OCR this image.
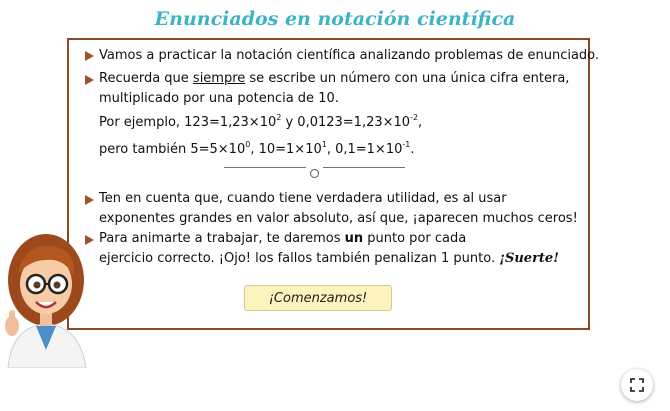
Enunciados en notación científica
Vamos a practicar la notación científica analizando problemas de enunciado.
Recuerda que siempre se escribe un número con una única cifra entera,
multiplicado por una potencia de 10.
Por ejemplo, $123=1,23\times 10^2$ y $0,0123=1,23\times 10^{-2}$,
pero también $5=5\times 10^0$, $10=1\times 10^1$, $0,1=1\times 10^{-1}$.
Ten en cuenta que, cuando tiene verdadera utilidad, es al usar
exponentes grandes en valor absoluto, así que, ¡aparecen muchos ceros!
Para animarte a trabajar, te daremos un punto por cada
ejercicio correcto. ¡Ojo! los fallos también penalizan 1 punto. ¡Suerte!
¡Comenzamos!
